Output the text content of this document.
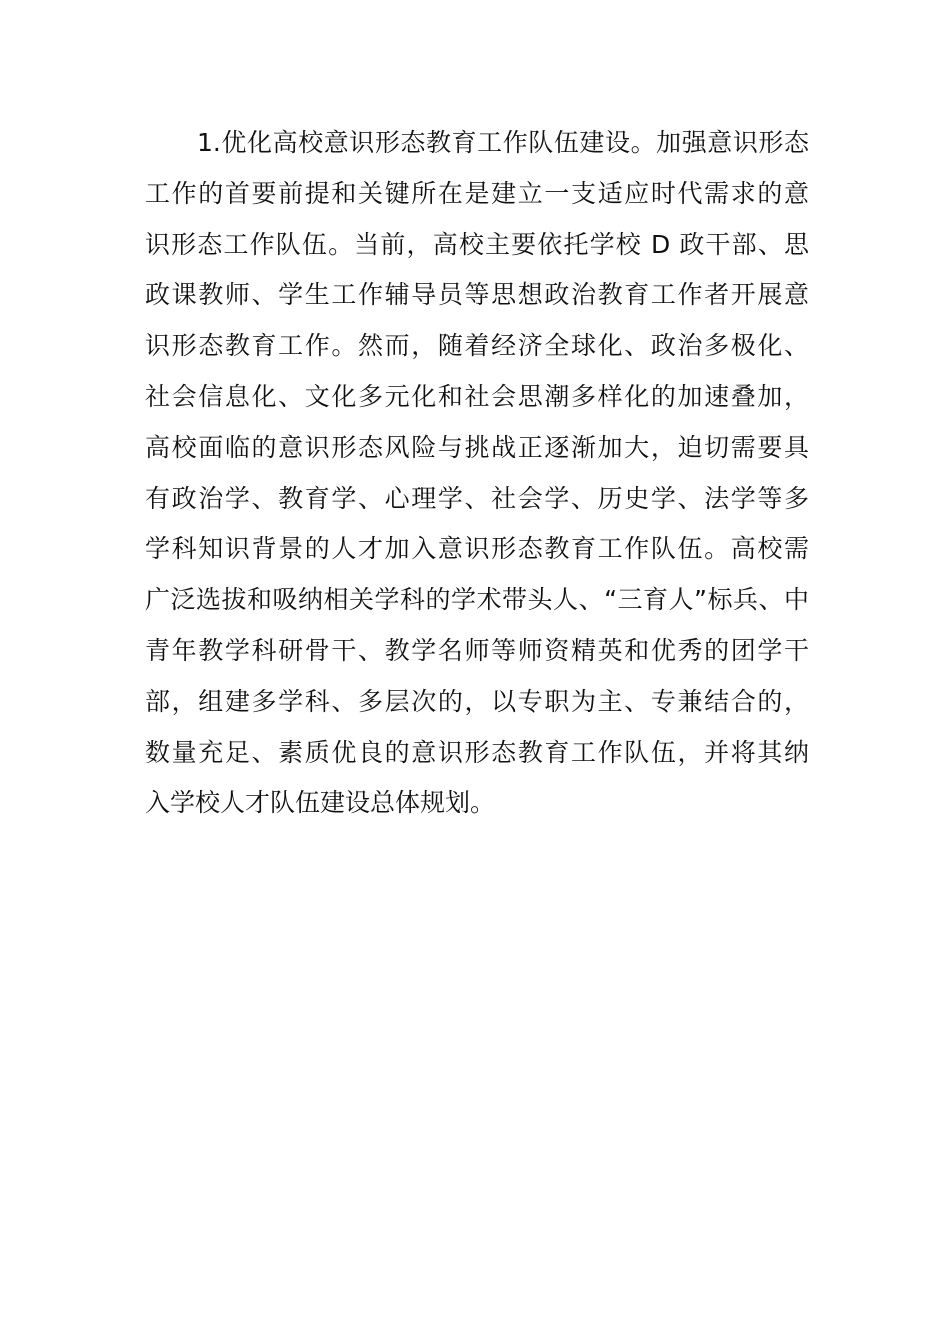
1.优化高校意识形态教育工作队伍建设。加强意识形态
工作的首要前提和关键所在是建立一支适应时代需求的意
识形态工作队伍。当前，高校主要依托学校 D 政干部、思
政课教师、学生工作辅导员等思想政治教育工作者开展意
识形态教育工作。然而，随着经济全球化、政治多极化、
社会信息化、文化多元化和社会思潮多样化的加速叠加，
高校面临的意识形态风险与挑战正逐渐加大，迫切需要具
有政治学、教育学、心理学、社会学、历史学、法学等多
学科知识背景的人才加入意识形态教育工作队伍。高校需
广泛选拔和吸纳相关学科的学术带头人、“三育人”标兵、中
青年教学科研骨干、教学名师等师资精英和优秀的团学干
部，组建多学科、多层次的，以专职为主、专兼结合的，
数量充足、素质优良的意识形态教育工作队伍，并将其纳
入学校人才队伍建设总体规划。
